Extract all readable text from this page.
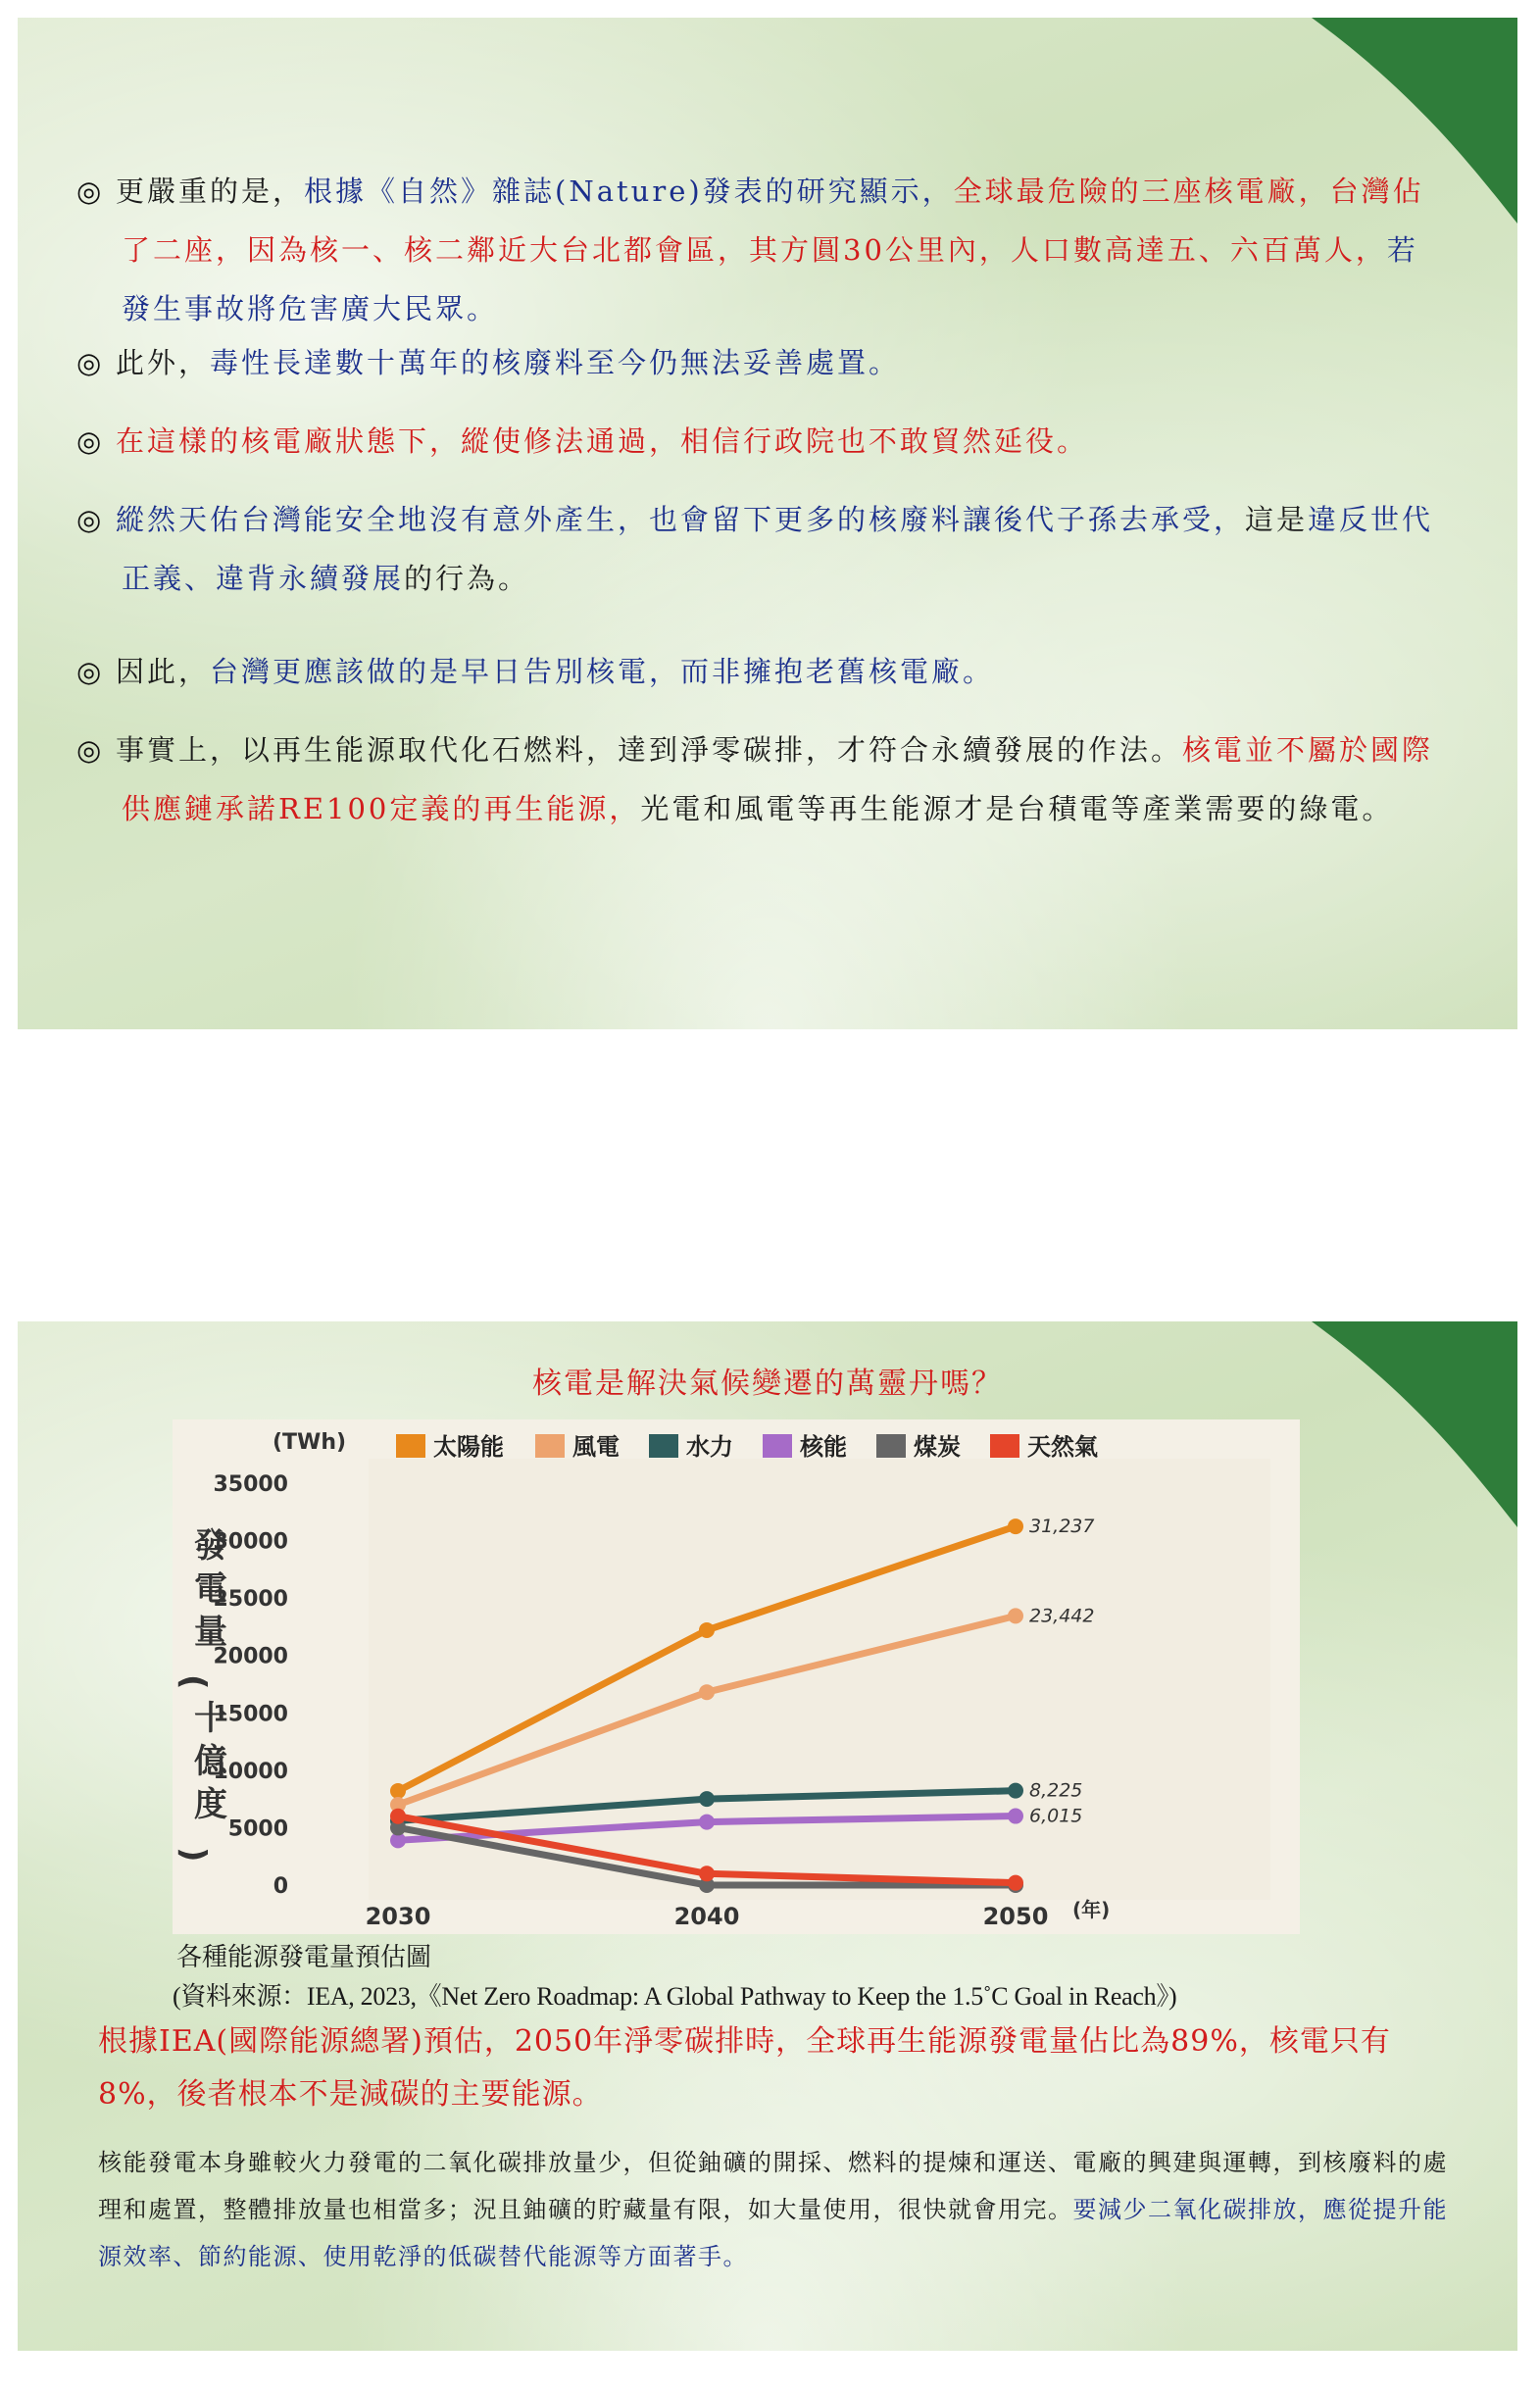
◎ 更嚴重的是，根據《自然》雜誌(Nature)發表的研究顯示，全球最危險的三座核電廠，台灣佔了二座，因為核一、核二鄰近大台北都會區，其方圓30公里內，人口數高達五、六百萬人，若發生事故將危害廣大民眾。
◎ 此外，毒性長達數十萬年的核廢料至今仍無法妥善處置。
◎ 在這樣的核電廠狀態下，縱使修法通過，相信行政院也不敢貿然延役。
◎ 縱然天佑台灣能安全地沒有意外產生，也會留下更多的核廢料讓後代子孫去承受，這是違反世代正義、違背永續發展的行為。
◎ 因此，台灣更應該做的是早日告別核電，而非擁抱老舊核電廠。
◎ 事實上，以再生能源取代化石燃料，達到淨零碳排，才符合永續發展的作法。核電並不屬於國際供應鏈承諾RE100定義的再生能源，光電和風電等再生能源才是台積電等產業需要的綠電。
核電是解決氣候變遷的萬靈丹嗎？
(TWh)
35000
30000
25000
20000
15000
10000
5000
0
發
電
量
(
十
億
度
)
2030	2040	2050 (年)
太陽能	風電	水力	核能	煤炭	天然氣
31,237
23,442
8,225
6,015
各種能源發電量預估圖
(資料來源：IEA, 2023,《Net Zero Roadmap: A Global Pathway to Keep the 1.5˚C Goal in Reach》)
根據IEA(國際能源總署)預估，2050年淨零碳排時，全球再生能源發電量佔比為89%，核電只有8%，後者根本不是減碳的主要能源。
核能發電本身雖較火力發電的二氧化碳排放量少，但從鈾礦的開採、燃料的提煉和運送、電廠的興建與運轉，到核廢料的處理和處置，整體排放量也相當多；況且鈾礦的貯藏量有限，如大量使用，很快就會用完。要減少二氧化碳排放，應從提升能源效率、節約能源、使用乾淨的低碳替代能源等方面著手。
